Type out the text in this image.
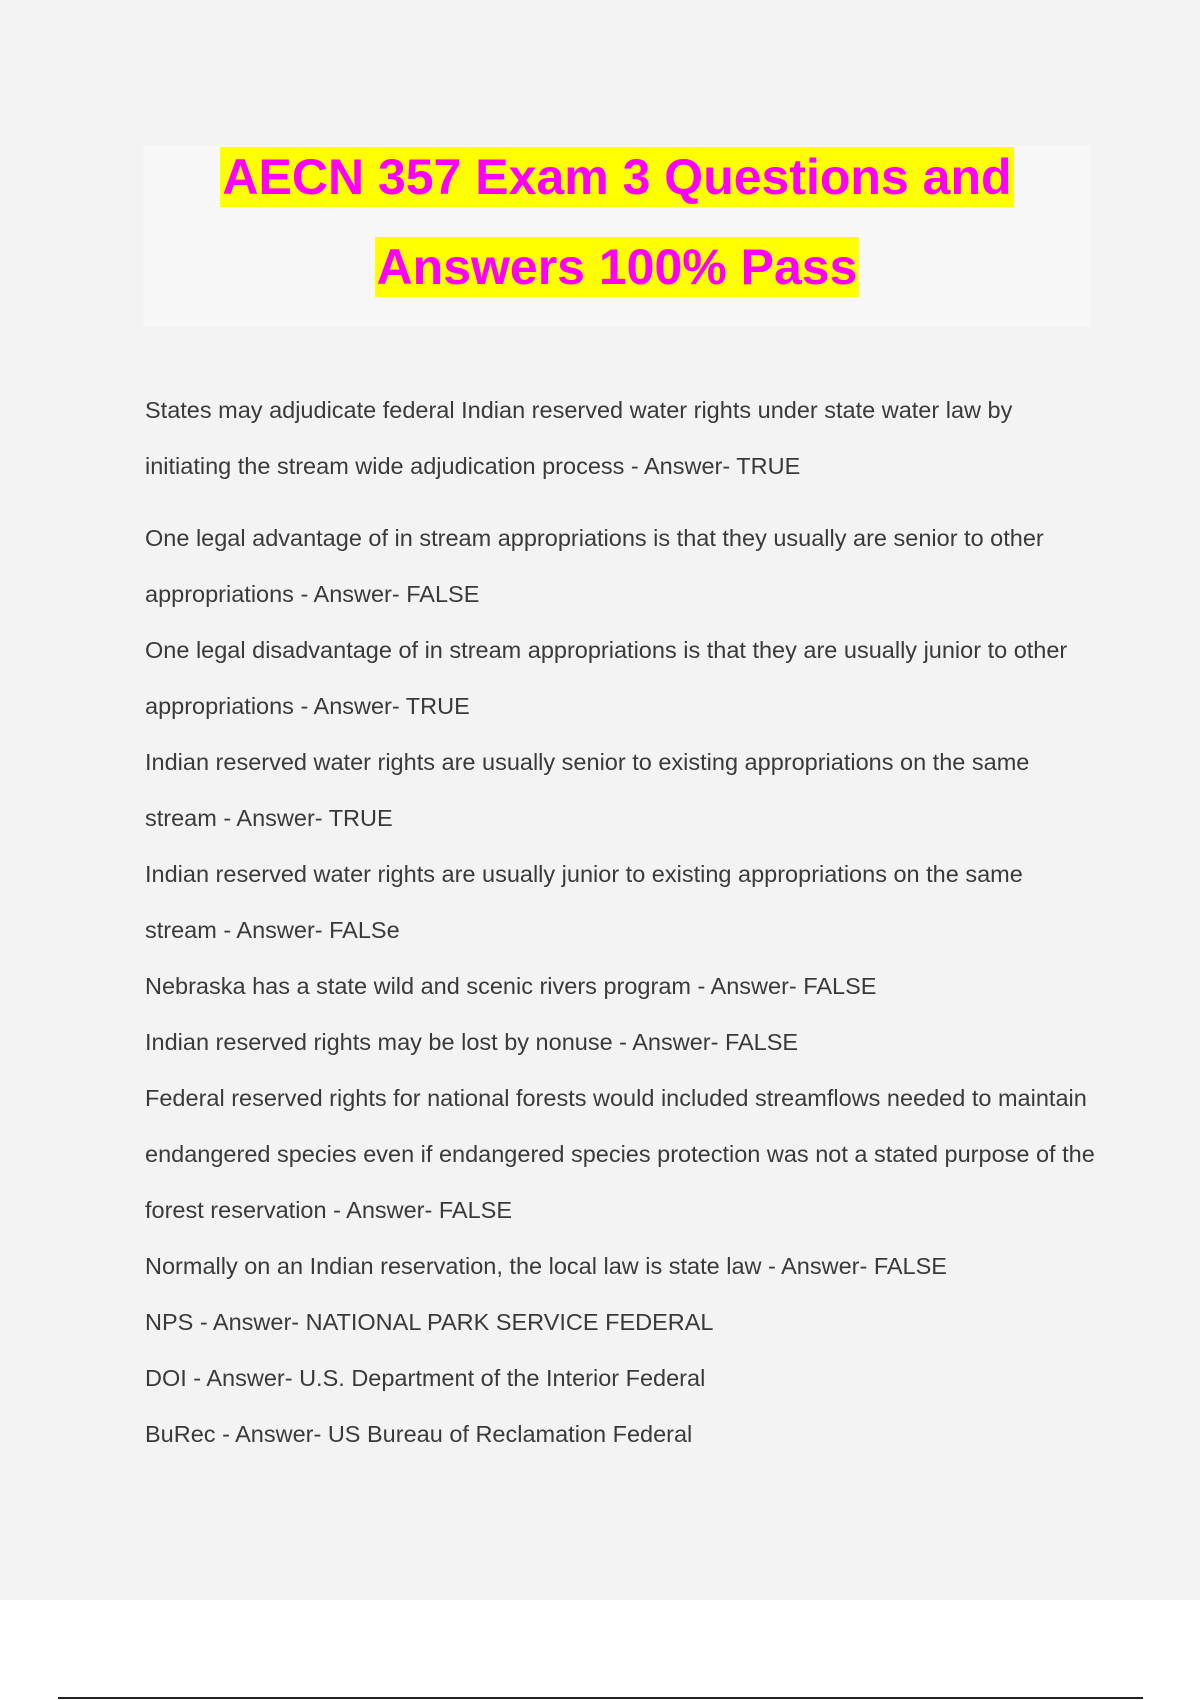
AECN 357 Exam 3 Questions and
Answers 100% Pass
States may adjudicate federal Indian reserved water rights under state water law by initiating the stream wide adjudication process - Answer- TRUE
One legal advantage of in stream appropriations is that they usually are senior to other appropriations - Answer- FALSE
One legal disadvantage of in stream appropriations is that they are usually junior to other appropriations - Answer- TRUE
Indian reserved water rights are usually senior to existing appropriations on the same stream - Answer- TRUE
Indian reserved water rights are usually junior to existing appropriations on the same stream - Answer- FALSe
Nebraska has a state wild and scenic rivers program - Answer- FALSE
Indian reserved rights may be lost by nonuse - Answer- FALSE
Federal reserved rights for national forests would included streamflows needed to maintain endangered species even if endangered species protection was not a stated purpose of the forest reservation - Answer- FALSE
Normally on an Indian reservation, the local law is state law - Answer- FALSE
NPS - Answer- NATIONAL PARK SERVICE FEDERAL
DOI - Answer- U.S. Department of the Interior Federal
BuRec - Answer- US Bureau of Reclamation Federal
